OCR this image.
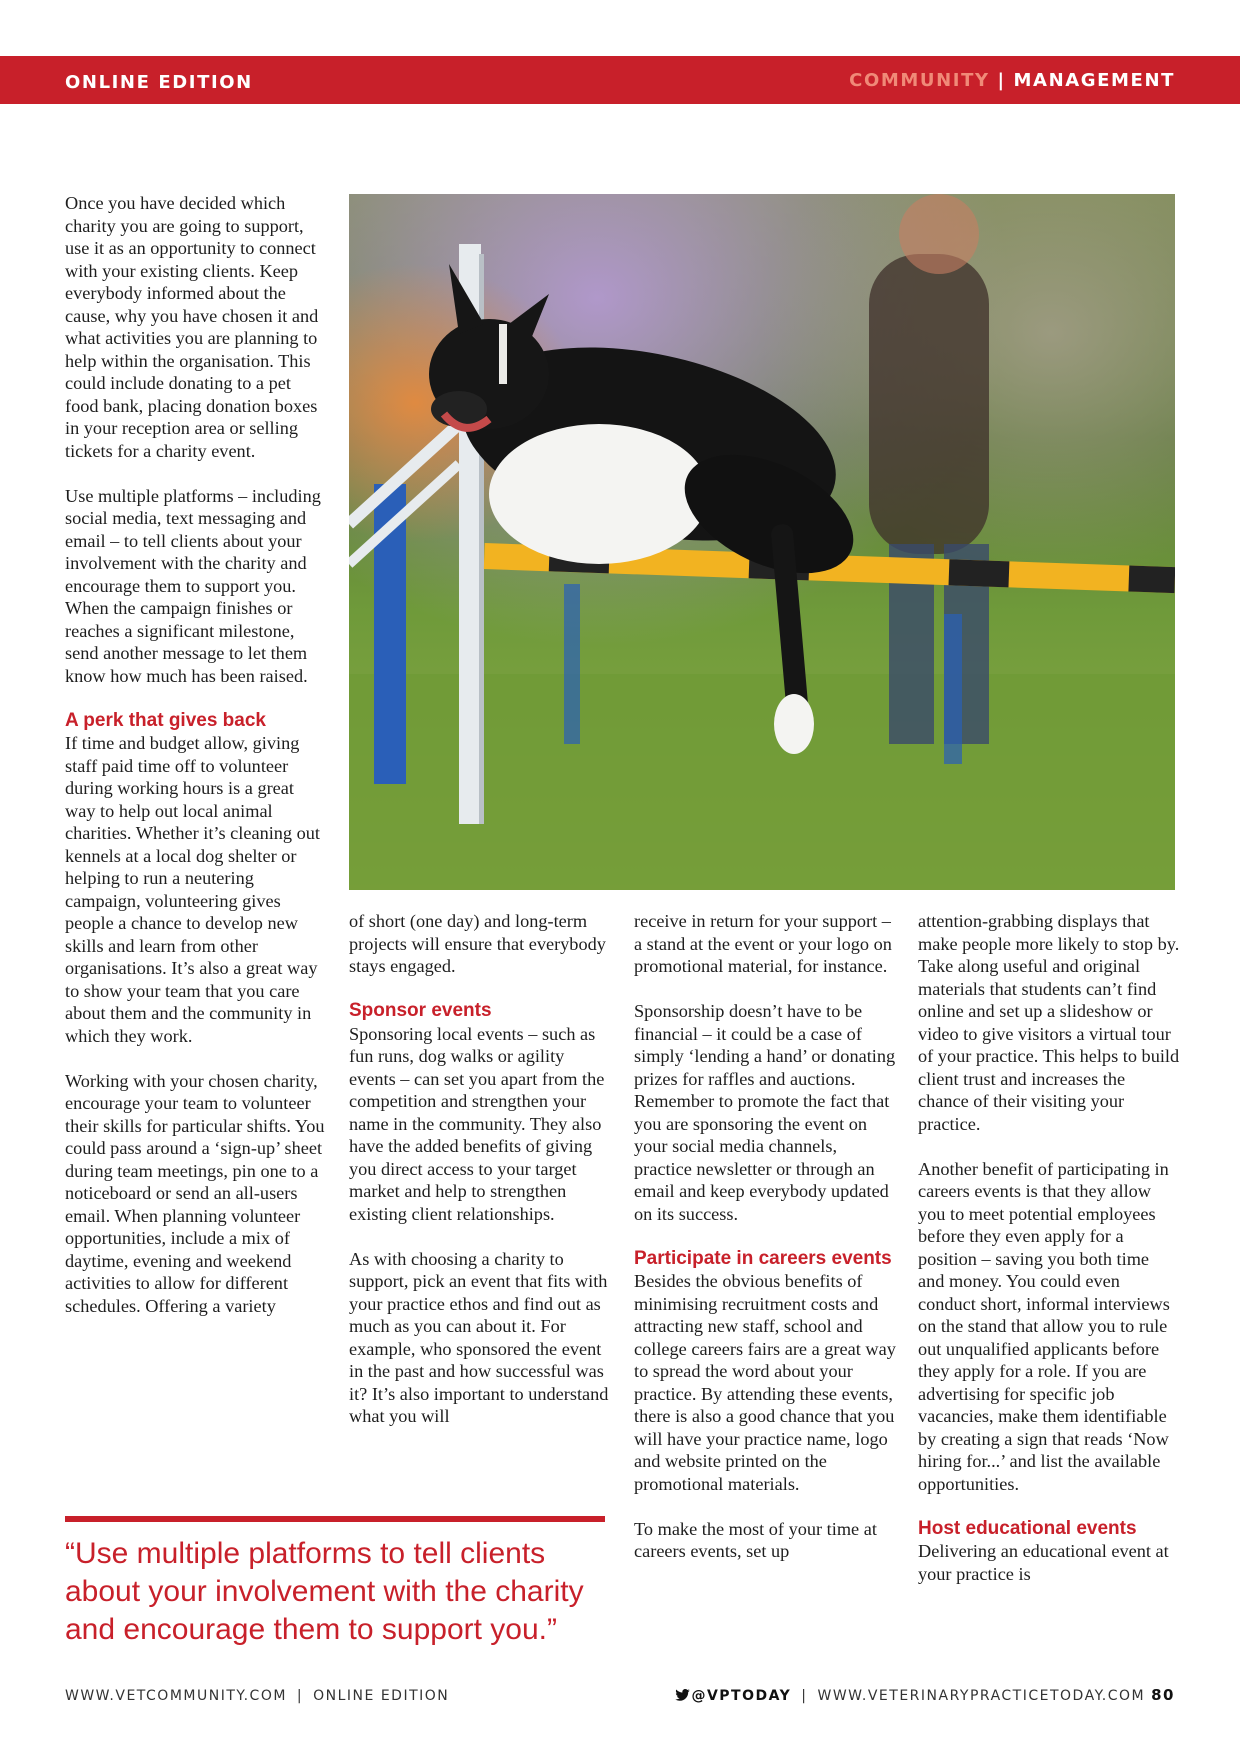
ONLINE EDITION	COMMUNITY | MANAGEMENT

Once you have decided which charity you are going to support, use it as an opportunity to connect with your existing clients. Keep everybody informed about the cause, why you have chosen it and what activities you are planning to help within the organisation. This could include donating to a pet food bank, placing donation boxes in your reception area or selling tickets for a charity event.

Use multiple platforms – including social media, text messaging and email – to tell clients about your involvement with the charity and encourage them to support you. When the campaign finishes or reaches a significant milestone, send another message to let them know how much has been raised.

A perk that gives back

If time and budget allow, giving staff paid time off to volunteer during working hours is a great way to help out local animal charities. Whether it’s cleaning out kennels at a local dog shelter or helping to run a neutering campaign, volunteering gives people a chance to develop new skills and learn from other organisations. It’s also a great way to show your team that you care about them and the community in which they work.

Working with your chosen charity, encourage your team to volunteer their skills for particular shifts. You could pass around a ‘sign-up’ sheet during team meetings, pin one to a noticeboard or send an all-users email. When planning volunteer opportunities, include a mix of daytime, evening and weekend activities to allow for different schedules. Offering a variety

of short (one day) and long-term projects will ensure that everybody stays engaged.

Sponsor events

Sponsoring local events – such as fun runs, dog walks or agility events – can set you apart from the competition and strengthen your name in the community. They also have the added benefits of giving you direct access to your target market and help to strengthen existing client relationships.

As with choosing a charity to support, pick an event that fits with your practice ethos and find out as much as you can about it. For example, who sponsored the event in the past and how successful was it? It’s also important to understand what you will

receive in return for your support – a stand at the event or your logo on promotional material, for instance.

Sponsorship doesn’t have to be financial – it could be a case of simply ‘lending a hand’ or donating prizes for raffles and auctions. Remember to promote the fact that you are sponsoring the event on your social media channels, practice newsletter or through an email and keep everybody updated on its success.

Participate in careers events

Besides the obvious benefits of minimising recruitment costs and attracting new staff, school and college careers fairs are a great way to spread the word about your practice. By attending these events, there is also a good chance that you will have your practice name, logo and website printed on the promotional materials.

To make the most of your time at careers events, set up

attention-grabbing displays that make people more likely to stop by. Take along useful and original materials that students can’t find online and set up a slideshow or video to give visitors a virtual tour of your practice. This helps to build client trust and increases the chance of their visiting your practice.

Another benefit of participating in careers events is that they allow you to meet potential employees before they even apply for a position – saving you both time and money. You could even conduct short, informal interviews on the stand that allow you to rule out unqualified applicants before they apply for a role. If you are advertising for specific job vacancies, make them identifiable by creating a sign that reads ‘Now hiring for...’ and list the available opportunities.

Host educational events

Delivering an educational event at your practice is

“Use multiple platforms to tell clients about your involvement with the charity and encourage them to support you.”
WWW.VETCOMMUNITY.COM | ONLINE EDITION	@VPTODAY | WWW.VETERINARYPRACTICETODAY.COM 80
